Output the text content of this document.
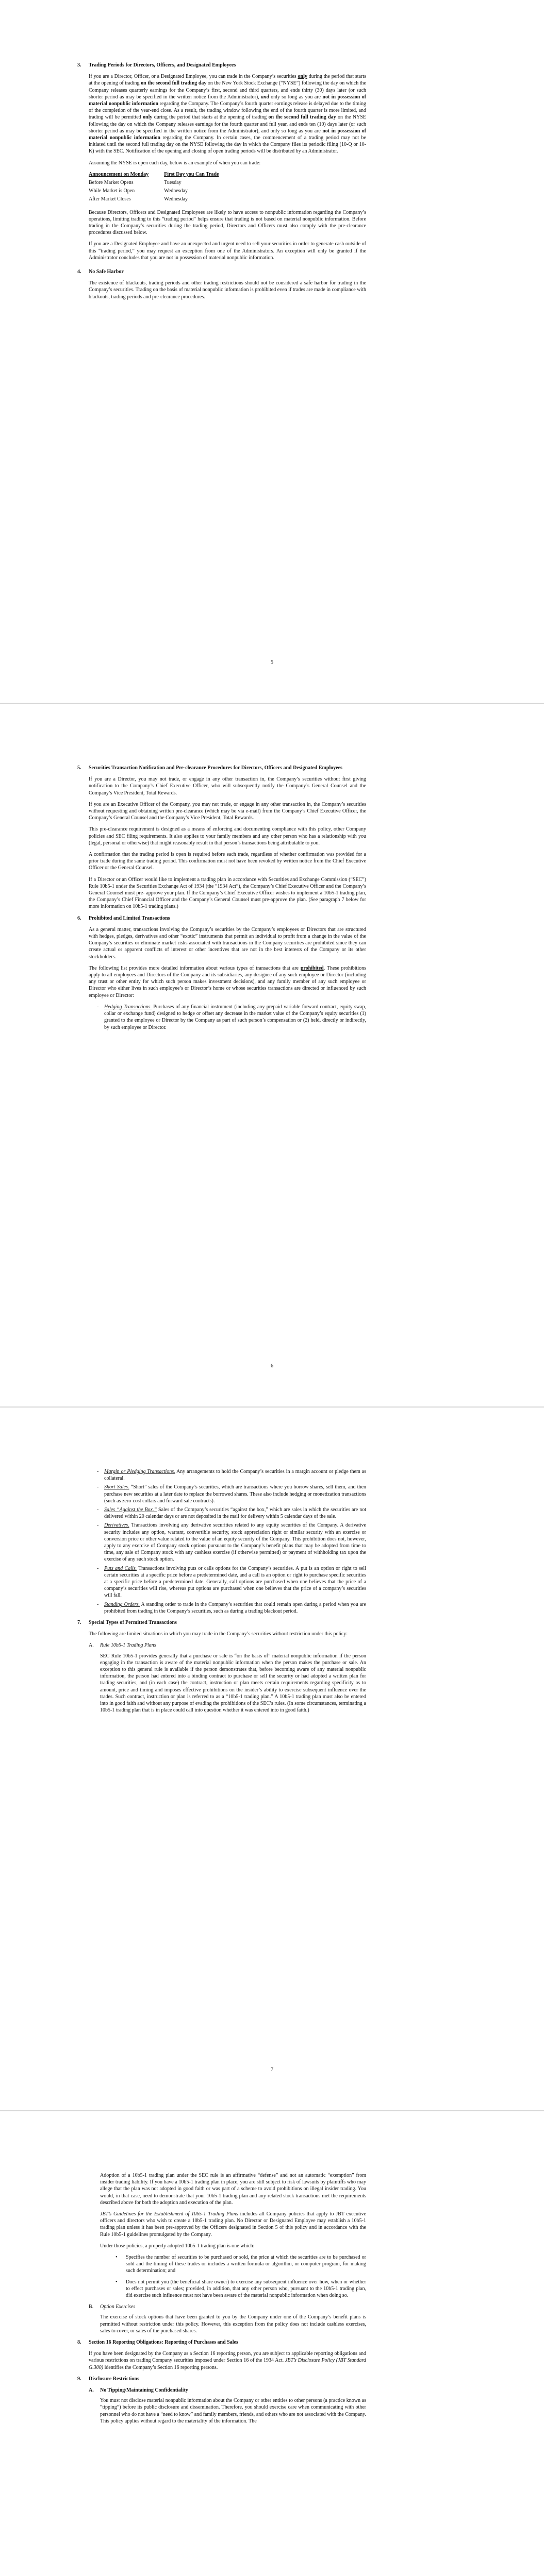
3.	Trading Periods for Directors, Officers, and Designated Employees

If you are a Director, Officer, or a Designated Employee, you can trade in the Company’s securities only during the period that starts at the opening of trading on the second full trading day on the New York Stock Exchange (“NYSE”) following the day on which the Company releases quarterly earnings for the Company’s first, second and third quarters, and ends thirty (30) days later (or such shorter period as may be specified in the written notice from the Administrator), and only so long as you are not in possession of material nonpublic information regarding the Company. The Company’s fourth quarter earnings release is delayed due to the timing of the completion of the year-end close. As a result, the trading window following the end of the fourth quarter is more limited, and trading will be permitted only during the period that starts at the opening of trading on the second full trading day on the NYSE following the day on which the Company releases earnings for the fourth quarter and full year, and ends ten (10) days later (or such shorter period as may be specified in the written notice from the Administrator), and only so long as you are not in possession of material nonpublic information regarding the Company. In certain cases, the commencement of a trading period may not be initiated until the second full trading day on the NYSE following the day in which the Company files its periodic filing (10-Q or 10-K) with the SEC. Notification of the opening and closing of open trading periods will be distributed by an Administrator.

Assuming the NYSE is open each day, below is an example of when you can trade:

Announcement on Monday	First Day you Can Trade
Before Market Opens	Tuesday
While Market is Open	Wednesday
After Market Closes	Wednesday

Because Directors, Officers and Designated Employees are likely to have access to nonpublic information regarding the Company’s operations, limiting trading to this “trading period” helps ensure that trading is not based on material nonpublic information. Before trading in the Company’s securities during the trading period, Directors and Officers must also comply with the pre-clearance procedures discussed below.

If you are a Designated Employee and have an unexpected and urgent need to sell your securities in order to generate cash outside of this “trading period,” you may request an exception from one of the Administrators. An exception will only be granted if the Administrator concludes that you are not in possession of material nonpublic information.

4.	No Safe Harbor

The existence of blackouts, trading periods and other trading restrictions should not be considered a safe harbor for trading in the Company’s securities. Trading on the basis of material nonpublic information is prohibited even if trades are made in compliance with blackouts, trading periods and pre-clearance procedures.

5
5.	Securities Transaction Notification and Pre-clearance Procedures for Directors, Officers and Designated Employees

If you are a Director, you may not trade, or engage in any other transaction in, the Company’s securities without first giving notification to the Company’s Chief Executive Officer, who will subsequently notify the Company’s General Counsel and the Company’s Vice President, Total Rewards.

If you are an Executive Officer of the Company, you may not trade, or engage in any other transaction in, the Company’s securities without requesting and obtaining written pre-clearance (which may be via e-mail) from the Company’s Chief Executive Officer, the Company’s General Counsel and the Company’s Vice President, Total Rewards.

This pre-clearance requirement is designed as a means of enforcing and documenting compliance with this policy, other Company policies and SEC filing requirements. It also applies to your family members and any other person who has a relationship with you (legal, personal or otherwise) that might reasonably result in that person’s transactions being attributable to you.

A confirmation that the trading period is open is required before each trade, regardless of whether confirmation was provided for a prior trade during the same trading period. This confirmation must not have been revoked by written notice from the Chief Executive Officer or the General Counsel.

If a Director or an Officer would like to implement a trading plan in accordance with Securities and Exchange Commission (“SEC”) Rule 10b5-1 under the Securities Exchange Act of 1934 (the “1934 Act”), the Company’s Chief Executive Officer and the Company’s General Counsel must pre- approve your plan. If the Company’s Chief Executive Officer wishes to implement a 10b5-1 trading plan, the Company’s Chief Financial Officer and the Company’s General Counsel must pre-approve the plan. (See paragraph 7 below for more information on 10b5-1 trading plans.)

6.	Prohibited and Limited Transactions

As a general matter, transactions involving the Company’s securities by the Company’s employees or Directors that are structured with hedges, pledges, derivatives and other “exotic” instruments that permit an individual to profit from a change in the value of the Company’s securities or eliminate market risks associated with transactions in the Company securities are prohibited since they can create actual or apparent conflicts of interest or other incentives that are not in the best interests of the Company or its other stockholders.

The following list provides more detailed information about various types of transactions that are prohibited. These prohibitions apply to all employees and Directors of the Company and its subsidiaries, any designee of any such employee or Director (including any trust or other entity for which such person makes investment decisions), and any family member of any such employee or Director who either lives in such employee’s or Director’s home or whose securities transactions are directed or influenced by such employee or Director:

- Hedging Transactions. Purchases of any financial instrument (including any prepaid variable forward contract, equity swap, collar or exchange fund) designed to hedge or offset any decrease in the market value of the Company’s equity securities (1) granted to the employee or Director by the Company as part of such person’s compensation or (2) held, directly or indirectly, by such employee or Director.
6
- Margin or Pledging Transactions. Any arrangements to hold the Company’s securities in a margin account or pledge them as collateral.
- Short Sales. “Short” sales of the Company’s securities, which are transactions where you borrow shares, sell them, and then purchase new securities at a later date to replace the borrowed shares. These also include hedging or monetization transactions (such as zero-cost collars and forward sale contracts).
- Sales “Against the Box.” Sales of the Company’s securities “against the box,” which are sales in which the securities are not delivered within 20 calendar days or are not deposited in the mail for delivery within 5 calendar days of the sale.
- Derivatives. Transactions involving any derivative securities related to any equity securities of the Company. A derivative security includes any option, warrant, convertible security, stock appreciation right or similar security with an exercise or conversion price or other value related to the value of an equity security of the Company. This prohibition does not, however, apply to any exercise of Company stock options pursuant to the Company’s benefit plans that may be adopted from time to time, any sale of Company stock with any cashless exercise (if otherwise permitted) or payment of withholding tax upon the exercise of any such stock option.
- Puts and Calls. Transactions involving puts or calls options for the Company’s securities. A put is an option or right to sell certain securities at a specific price before a predetermined date, and a call is an option or right to purchase specific securities at a specific price before a predetermined date. Generally, call options are purchased when one believes that the price of a company’s securities will rise, whereas put options are purchased when one believes that the price of a company’s securities will fall.
- Standing Orders. A standing order to trade in the Company’s securities that could remain open during a period when you are prohibited from trading in the Company’s securities, such as during a trading blackout period.
7.	Special Types of Permitted Transactions

The following are limited situations in which you may trade in the Company’s securities without restriction under this policy:

A.	Rule 10b5-1 Trading Plans

SEC Rule 10b5-1 provides generally that a purchase or sale is “on the basis of” material nonpublic information if the person engaging in the transaction is aware of the material nonpublic information when the person makes the purchase or sale. An exception to this general rule is available if the person demonstrates that, before becoming aware of any material nonpublic information, the person had entered into a binding contract to purchase or sell the security or had adopted a written plan for trading securities, and (in each case) the contract, instruction or plan meets certain requirements regarding specificity as to amount, price and timing and imposes effective prohibitions on the insider’s ability to exercise subsequent influence over the trades. Such contract, instruction or plan is referred to as a “10b5-1 trading plan.” A 10b5-1 trading plan must also be entered into in good faith and without any purpose of evading the prohibitions of the SEC’s rules. (In some circumstances, terminating a 10b5-1 trading plan that is in place could call into question whether it was entered into in good faith.)

7

Adoption of a 10b5-1 trading plan under the SEC rule is an affirmative “defense” and not an automatic “exemption” from insider trading liability. If you have a 10b5-1 trading plan in place, you are still subject to risk of lawsuits by plaintiffs who may allege that the plan was not adopted in good faith or was part of a scheme to avoid prohibitions on illegal insider trading. You would, in that case, need to demonstrate that your 10b5-1 trading plan and any related stock transactions met the requirements described above for both the adoption and execution of the plan.

JBT’s Guidelines for the Establishment of 10b5-1 Trading Plans includes all Company policies that apply to JBT executive officers and directors who wish to create a 10b5-1 trading plan. No Director or Designated Employee may establish a 10b5-1 trading plan unless it has been pre-approved by the Officers designated in Section 5 of this policy and in accordance with the Rule 10b5-1 guidelines promulgated by the Company.

Under those policies, a properly adopted 10b5-1 trading plan is one which:

• Specifies the number of securities to be purchased or sold, the price at which the securities are to be purchased or sold and the timing of these trades or includes a written formula or algorithm, or computer program, for making such determination; and
• Does not permit you (the beneficial share owner) to exercise any subsequent influence over how, when or whether to effect purchases or sales; provided, in addition, that any other person who, pursuant to the 10b5-1 trading plan, did exercise such influence must not have been aware of the material nonpublic information when doing so.
B.	Option Exercises

The exercise of stock options that have been granted to you by the Company under one of the Company’s benefit plans is permitted without restriction under this policy. However, this exception from the policy does not include cashless exercises, sales to cover, or sales of the purchased shares.

8.	Section 16 Reporting Obligations: Reporting of Purchases and Sales

If you have been designated by the Company as a Section 16 reporting person, you are subject to applicable reporting obligations and various restrictions on trading Company securities imposed under Section 16 of the 1934 Act. JBT’s Disclosure Policy (JBT Standard G.300) identifies the Company’s Section 16 reporting persons.

9.	Disclosure Restrictions
A.	No Tipping/Maintaining Confidentiality

You must not disclose material nonpublic information about the Company or other entities to other persons (a practice known as “tipping”) before its public disclosure and dissemination. Therefore, you should exercise care when communicating with other personnel who do not have a “need to know” and family members, friends, and others who are not associated with the Company. This policy applies without regard to the materiality of the information. The
